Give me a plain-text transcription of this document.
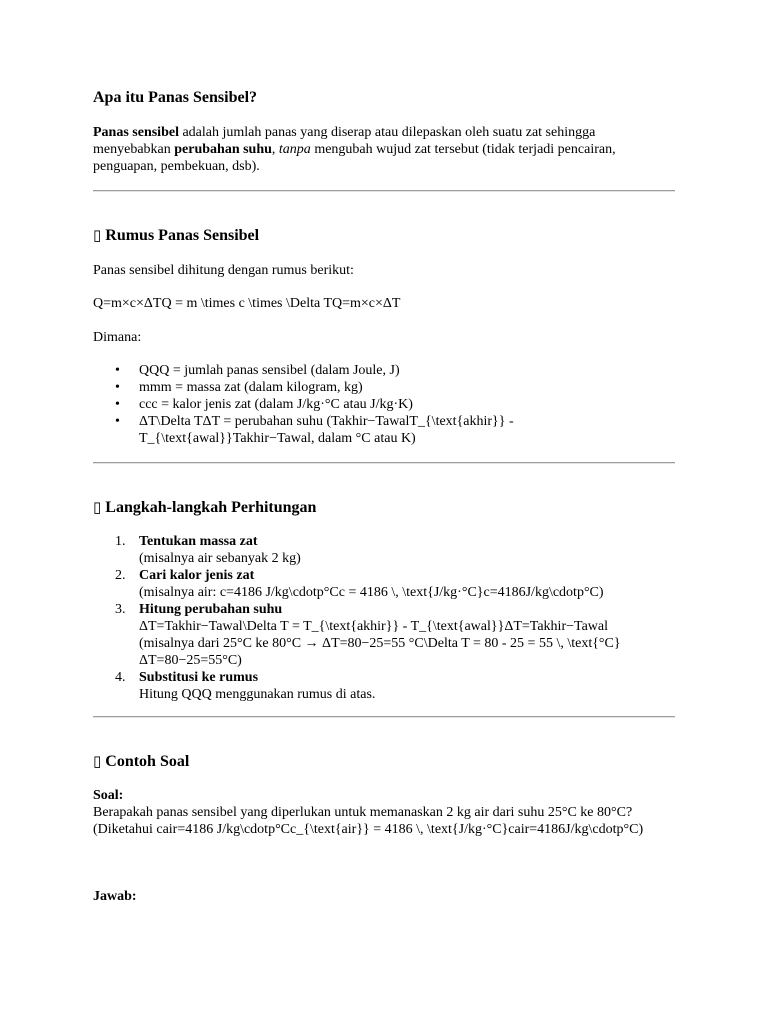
Apa itu Panas Sensibel?

Panas sensibel adalah jumlah panas yang diserap atau dilepaskan oleh suatu zat sehingga menyebabkan perubahan suhu, tanpa mengubah wujud zat tersebut (tidak terjadi pencairan, penguapan, pembekuan, dsb).

▯ Rumus Panas Sensibel

Panas sensibel dihitung dengan rumus berikut:

Q=m×c×ΔTQ = m \times c \times \Delta TQ=m×c×ΔT

Dimana:

• QQQ = jumlah panas sensibel (dalam Joule, J)
• mmm = massa zat (dalam kilogram, kg)
• ccc = kalor jenis zat (dalam J/kg·°C atau J/kg·K)
• ΔT\Delta TΔT = perubahan suhu (Takhir−TawalT_{\text{akhir}} - T_{\text{awal}}Takhir−Tawal, dalam °C atau K)
▯ Langkah-langkah Perhitungan
1. Tentukan massa zat
(misalnya air sebanyak 2 kg)
2. Cari kalor jenis zat
(misalnya air: c=4186 J/kg\cdotp°Cc = 4186 \, \text{J/kg·°C}c=4186J/kg\cdotp°C)
3. Hitung perubahan suhu
ΔT=Takhir−Tawal\Delta T = T_{\text{akhir}} - T_{\text{awal}}ΔT=Takhir−Tawal
(misalnya dari 25°C ke 80°C → ΔT=80−25=55 °C\Delta T = 80 - 25 = 55 \, \text{°C}ΔT=80−25=55°C)
4. Substitusi ke rumus
Hitung QQQ menggunakan rumus di atas.
▯ Contoh Soal

Soal:
Berapakah panas sensibel yang diperlukan untuk memanaskan 2 kg air dari suhu 25°C ke 80°C?
(Diketahui cair=4186 J/kg\cdotp°Cc_{\text{air}} = 4186 \, \text{J/kg·°C}cair=4186J/kg\cdotp°C)

Jawab:
